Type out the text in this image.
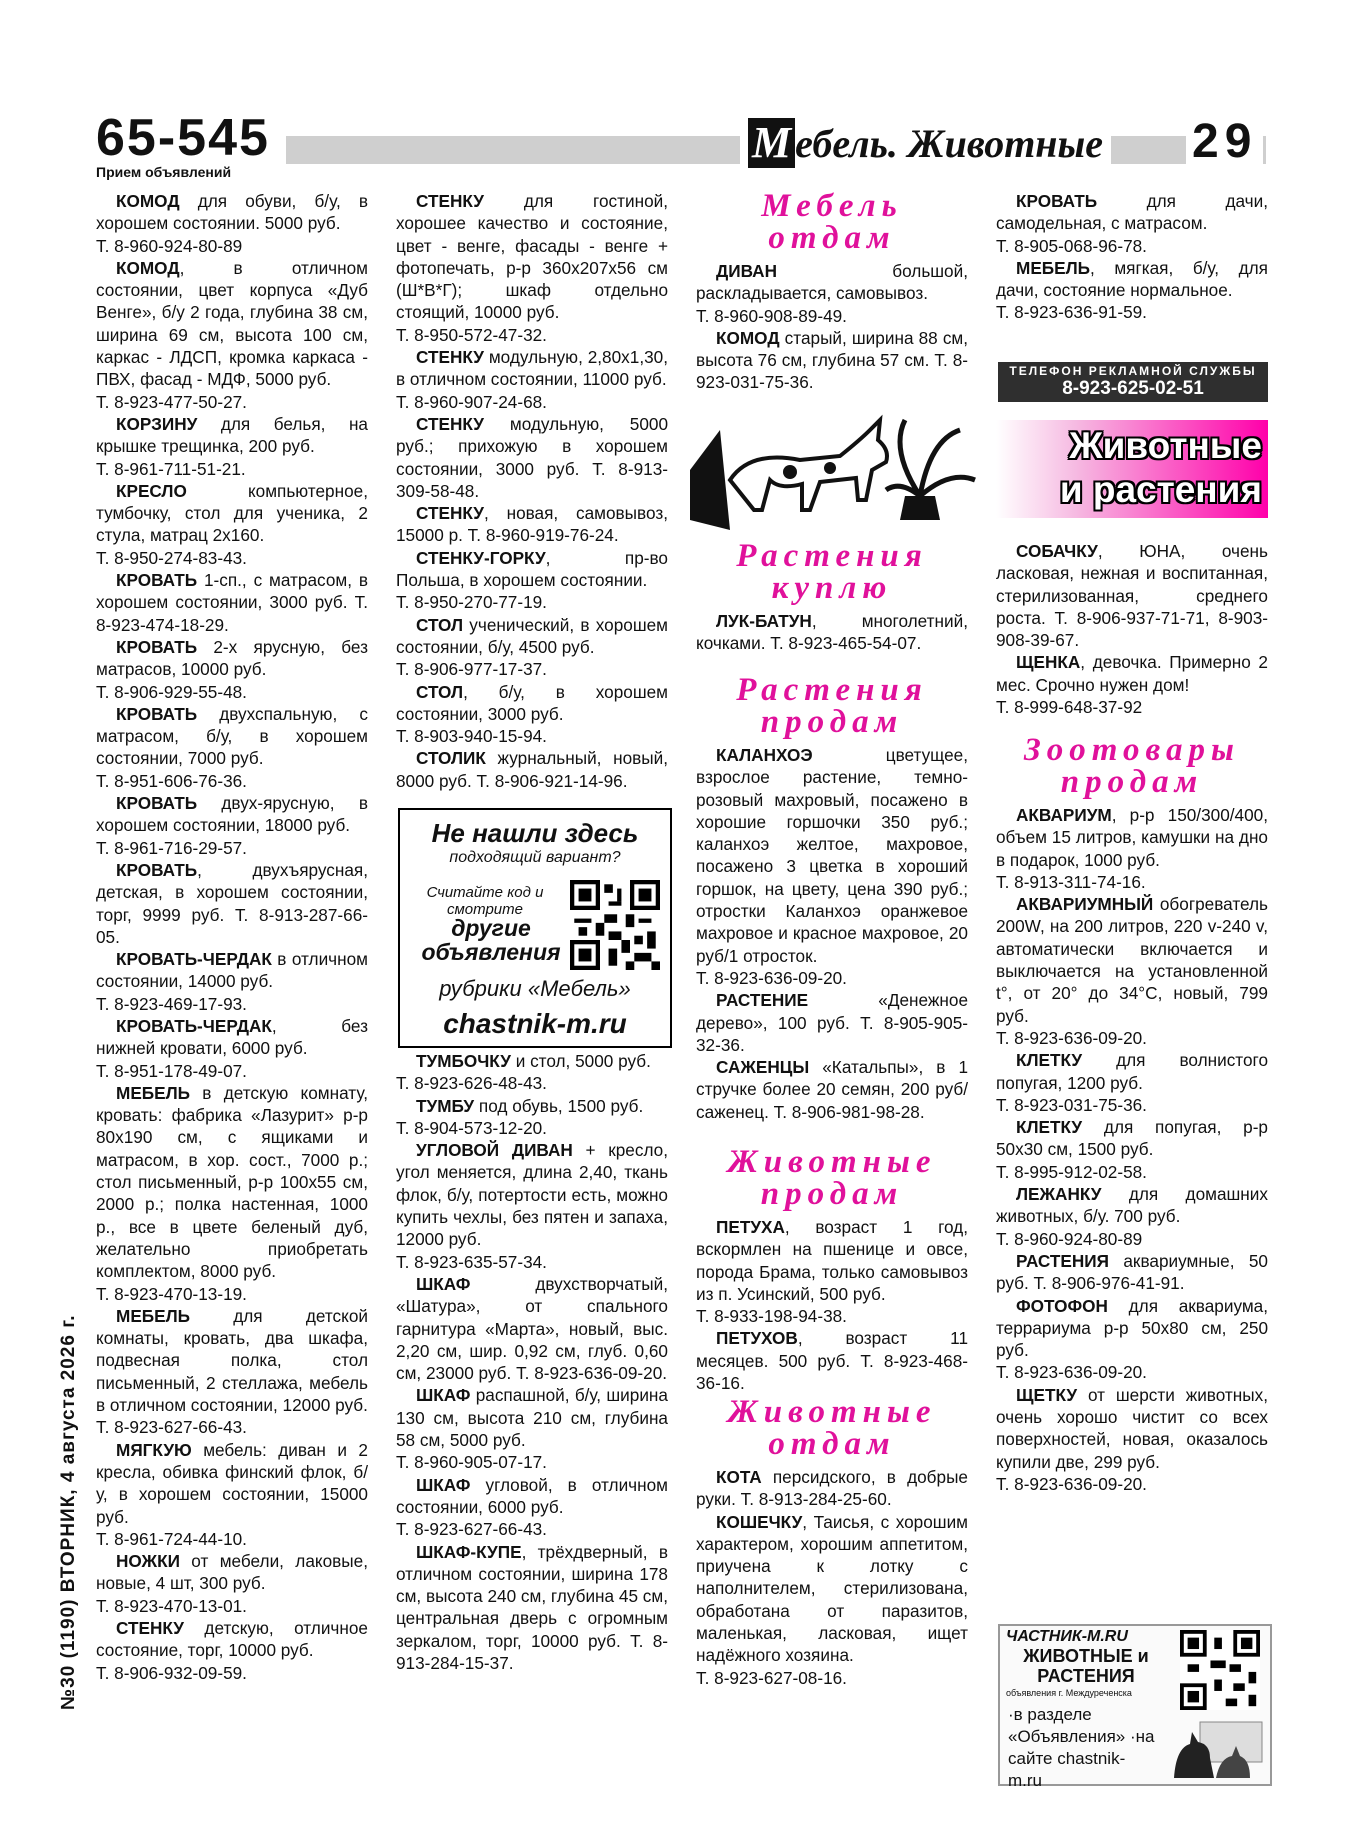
65-545
Прием объявлений
М ебель. Животные 29
№30 (1190) ВТОРНИК, 4 августа 2026 г.

КОМОД для обуви, б/у, в хорошем состоянии. 5000 руб.

Т. 8-960-924-80-89

КОМОД, в отличном состоянии, цвет корпуса «Дуб Венге», б/у 2 года, глубина 38 см, ширина 69 см, высота 100 см, каркас - ЛДСП, кромка каркаса - ПВХ, фасад - МДФ, 5000 руб.

Т. 8-923-477-50-27.

КОРЗИНУ для белья, на крышке трещинка, 200 руб.

Т. 8-961-711-51-21.

КРЕСЛО компьютерное, тумбочку, стол для ученика, 2 стула, матрац 2х160.

Т. 8-950-274-83-43.

КРОВАТЬ 1-сп., с матрасом, в хорошем состоянии, 3000 руб. Т. 8-923-474-18-29.

КРОВАТЬ 2-х ярусную, без матрасов, 10000 руб.

Т. 8-906-929-55-48.

КРОВАТЬ двухспальную, с матрасом, б/у, в хорошем состоянии, 7000 руб.

Т. 8-951-606-76-36.

КРОВАТЬ двух-ярусную, в хорошем состоянии, 18000 руб.

Т. 8-961-716-29-57.

КРОВАТЬ, двухъярусная, детская, в хорошем состоянии, торг, 9999 руб. Т. 8-913-287-66-05.

КРОВАТЬ-ЧЕРДАК в отличном состоянии, 14000 руб.

Т. 8-923-469-17-93.

КРОВАТЬ-ЧЕРДАК, без нижней кровати, 6000 руб.

Т. 8-951-178-49-07.

МЕБЕЛЬ в детскую комнату, кровать: фабрика «Лазурит» р-р 80х190 см, с ящиками и матрасом, в хор. сост., 7000 р.; стол письменный, р-р 100х55 см, 2000 р.; полка настенная, 1000 р., все в цвете беленый дуб, желательно приобретать комплектом, 8000 руб.

Т. 8-923-470-13-19.

МЕБЕЛЬ для детской комнаты, кровать, два шкафа, подвесная полка, стол письменный, 2 стеллажа, мебель в отличном состоянии, 12000 руб.

Т. 8-923-627-66-43.

МЯГКУЮ мебель: диван и 2 кресла, обивка финский флок, б/у, в хорошем состоянии, 15000 руб.

Т. 8-961-724-44-10.

НОЖКИ от мебели, лаковые, новые, 4 шт, 300 руб.

Т. 8-923-470-13-01.

СТЕНКУ детскую, отличное состояние, торг, 10000 руб.

Т. 8-906-932-09-59.

СТЕНКУ для гостиной, хорошее качество и состояние, цвет - венге, фасады - венге + фотопечать, р-р 360х207х56 см (Ш*В*Г); шкаф отдельно стоящий, 10000 руб.

Т. 8-950-572-47-32.

СТЕНКУ модульную, 2,80х1,30, в отличном состоянии, 11000 руб.

Т. 8-960-907-24-68.

СТЕНКУ модульную, 5000 руб.; прихожую в хорошем состоянии, 3000 руб. Т. 8-913-309-58-48.

СТЕНКУ, новая, самовывоз, 15000 р. Т. 8-960-919-76-24.

СТЕНКУ-ГОРКУ, пр-во Польша, в хорошем состоянии.

Т. 8-950-270-77-19.

СТОЛ ученический, в хорошем состоянии, б/у, 4500 руб.

Т. 8-906-977-17-37.

СТОЛ, б/у, в хорошем состоянии, 3000 руб.

Т. 8-903-940-15-94.

СТОЛИК журнальный, новый, 8000 руб. Т. 8-906-921-14-96.

Не нашли здесь
подходящий вариант?
Считайте код и смотрите
другие объявления
рубрики «Мебель»
chastnik-m.ru

ТУМБОЧКУ и стол, 5000 руб.

Т. 8-923-626-48-43.

ТУМБУ под обувь, 1500 руб.

Т. 8-904-573-12-20.

УГЛОВОЙ ДИВАН + кресло, угол меняется, длина 2,40, ткань флок, б/у, потертости есть, можно купить чехлы, без пятен и запаха, 12000 руб.

Т. 8-923-635-57-34.

ШКАФ двухстворчатый, «Шатура», от спального гарнитура «Марта», новый, выс. 2,20 см, шир. 0,92 см, глуб. 0,60 см, 23000 руб. Т. 8-923-636-09-20.

ШКАФ распашной, б/у, ширина 130 см, высота 210 см, глубина 58 см, 5000 руб.

Т. 8-960-905-07-17.

ШКАФ угловой, в отличном состоянии, 6000 руб.

Т. 8-923-627-66-43.

ШКАФ-КУПЕ, трёхдверный, в отличном состоянии, ширина 178 см, высота 240 см, глубина 45 см, центральная дверь с огромным зеркалом, торг, 10000 руб. Т. 8-913-284-15-37.

Мебель
отдам

ДИВАН большой, раскладывается, самовывоз.

Т. 8-960-908-89-49.

КОМОД старый, ширина 88 см, высота 76 см, глубина 57 см. Т. 8-923-031-75-36.

КРОВАТЬ для дачи, самодельная, с матрасом.

Т. 8-905-068-96-78.

МЕБЕЛЬ, мягкая, б/у, для дачи, состояние нормальное.

Т. 8-923-636-91-59.

ТЕЛЕФОН РЕКЛАМНОЙ СЛУЖБЫ
8-923-625-02-51
Животные
и растения
Растения
куплю

ЛУК-БАТУН, многолетний, кочками. Т. 8-923-465-54-07.

Растения
продам

КАЛАНХОЭ цветущее, взрослое растение, темно-розовый махровый, посажено в хорошие горшочки 350 руб.; каланхоэ желтое, махровое, посажено 3 цветка в хороший горшок, на цвету, цена 390 руб.; отростки Каланхоэ оранжевое махровое и красное махровое, 20 руб/1 отросток.

Т. 8-923-636-09-20.

РАСТЕНИЕ «Денежное дерево», 100 руб. Т. 8-905-905-32-36.

САЖЕНЦЫ «Катальпы», в 1 стручке более 20 семян, 200 руб/саженец. Т. 8-906-981-98-28.

Животные
продам

ПЕТУХА, возраст 1 год, вскормлен на пшенице и овсе, порода Брама, только самовывоз из п. Усинский, 500 руб.

Т. 8-933-198-94-38.

ПЕТУХОВ, возраст 11 месяцев. 500 руб. Т. 8-923-468-36-16.

Животные
отдам

КОТА персидского, в добрые руки. Т. 8-913-284-25-60.

КОШЕЧКУ, Таисья, с хорошим характером, хорошим аппетитом, приучена к лотку с наполнителем, стерилизована, обработана от паразитов, маленькая, ласковая, ищет надёжного хозяина.

Т. 8-923-627-08-16.

СОБАЧКУ, ЮНА, очень ласковая, нежная и воспитанная, стерилизованная, среднего роста. Т. 8-906-937-71-71, 8-903-908-39-67.

ЩЕНКА, девочка. Примерно 2 мес. Срочно нужен дом!

Т. 8-999-648-37-92

Зоотовары
продам

АКВАРИУМ, р-р 150/300/400, объем 15 литров, камушки на дно в подарок, 1000 руб.

Т. 8-913-311-74-16.

АКВАРИУМНЫЙ обогреватель 200W, на 200 литров, 220 v-240 v, автоматически включается и выключается на установленной t°, от 20° до 34°С, новый, 799 руб.

Т. 8-923-636-09-20.

КЛЕТКУ для волнистого попугая, 1200 руб.

Т. 8-923-031-75-36.

КЛЕТКУ для попугая, р-р 50х30 см, 1500 руб.

Т. 8-995-912-02-58.

ЛЕЖАНКУ для домашних животных, б/у. 700 руб.

Т. 8-960-924-80-89

РАСТЕНИЯ аквариумные, 50 руб. Т. 8-906-976-41-91.

ФОТОФОН для аквариума, террариума р-р 50х80 см, 250 руб.

Т. 8-923-636-09-20.

ЩЕТКУ от шерсти животных, очень хорошо чистит со всех поверхностей, новая, оказалось купили две, 299 руб.

Т. 8-923-636-09-20.

ЧАСТНИК-М.RU
ЖИВОТНЫЕ и РАСТЕНИЯ
объявления г. Междуреченска
·в разделе «Объявления» ·на сайте chastnik-m.ru
